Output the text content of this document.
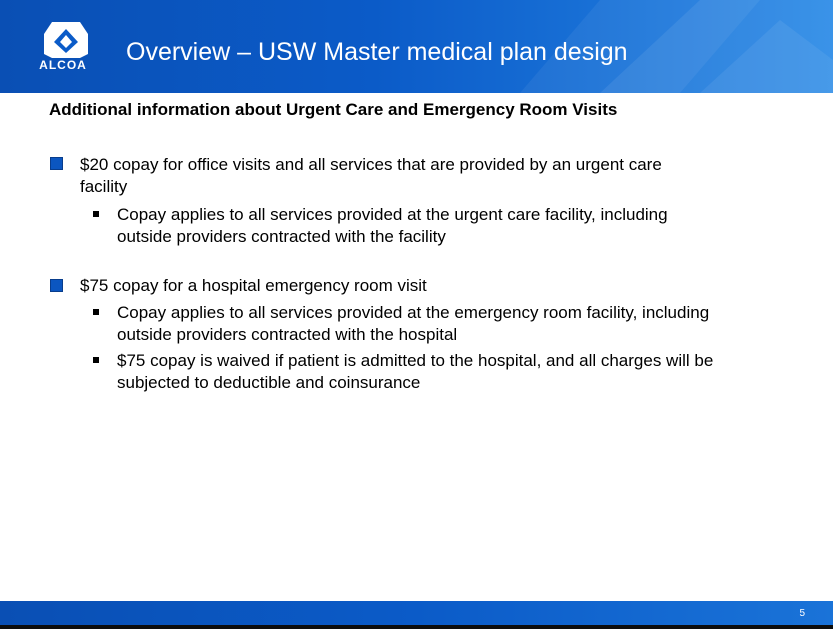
ALCOA Overview – USW Master medical plan design
Additional information about Urgent Care and Emergency Room Visits
$20 copay for office visits and all services that are provided by an urgent care facility
Copay applies to all services provided at the urgent care facility, including outside providers contracted with the facility
$75 copay for a hospital emergency room visit
Copay applies to all services provided at the emergency room facility, including outside providers contracted with the hospital
$75 copay is waived if patient is admitted to the hospital, and all charges will be subjected to deductible and coinsurance
5
